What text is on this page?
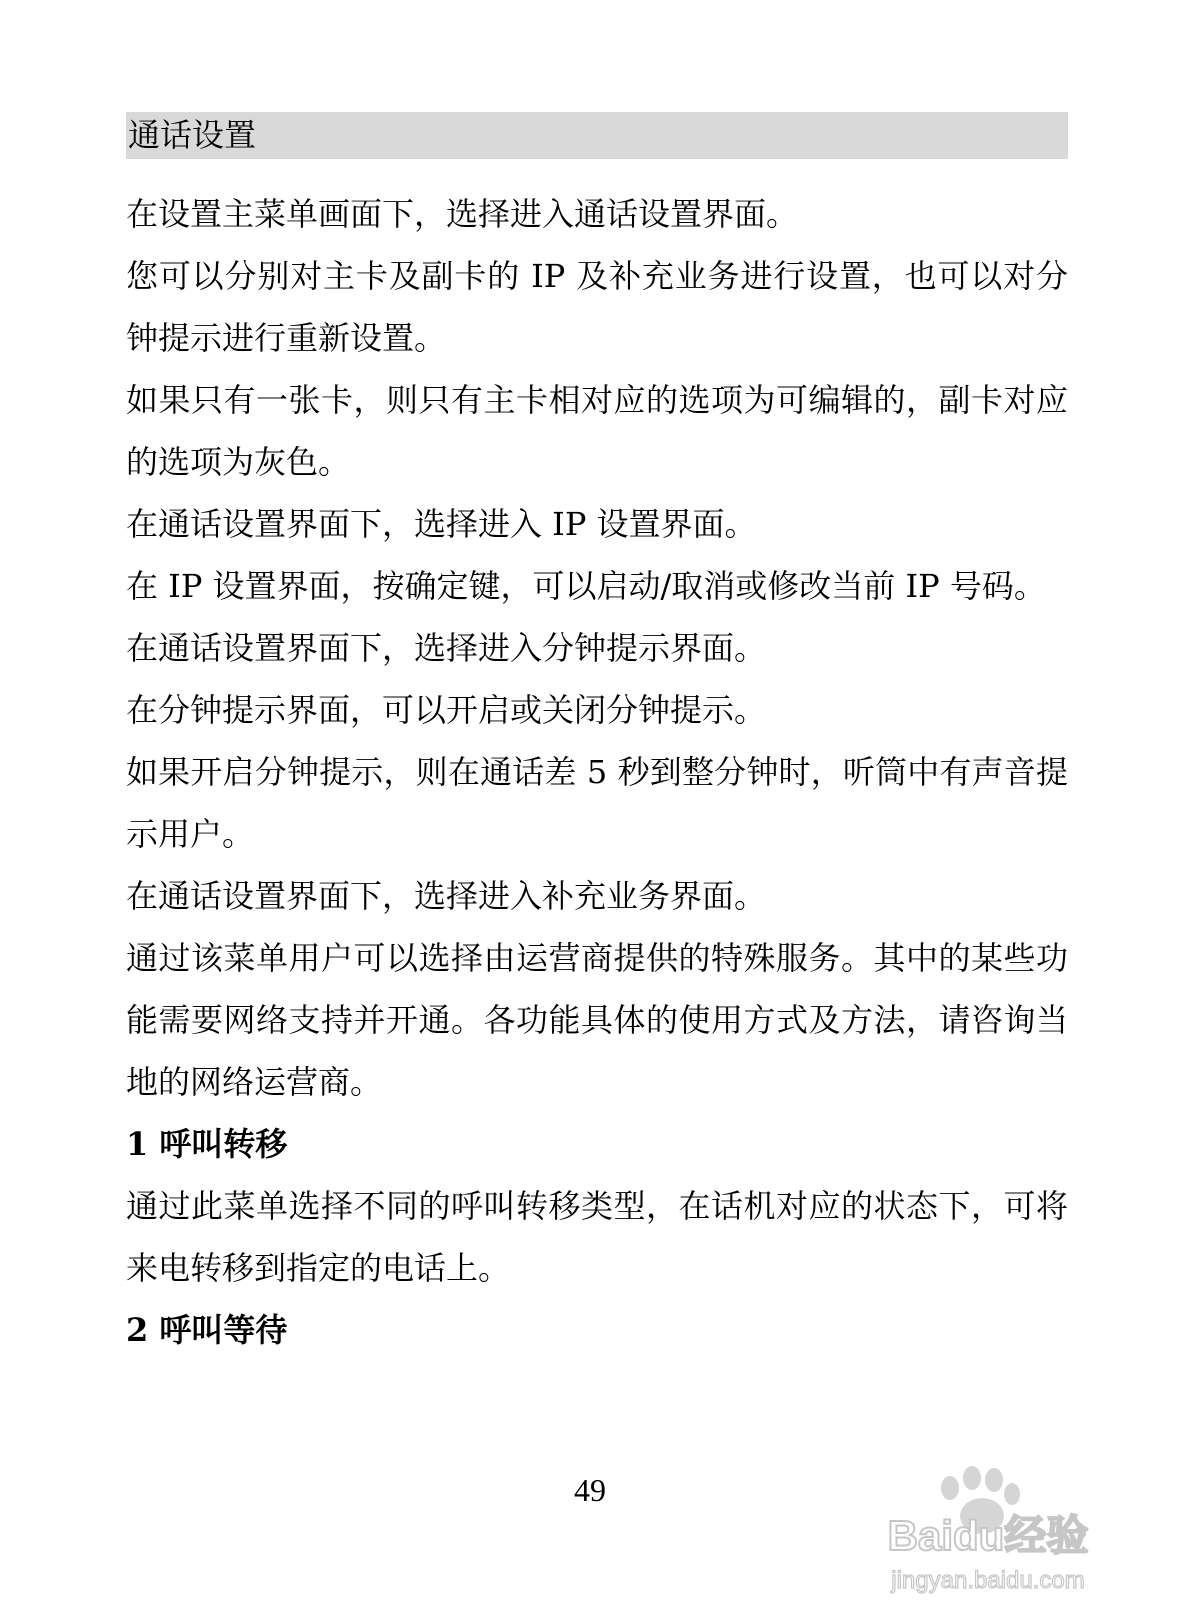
通话设置

在设置主菜单画面下，选择进入通话设置界面。

您可以分别对主卡及副卡的 IP 及补充业务进行设置，也可以对分钟提示进行重新设置。

如果只有一张卡，则只有主卡相对应的选项为可编辑的，副卡对应的选项为灰色。

在通话设置界面下，选择进入 IP 设置界面。

在 IP 设置界面，按确定键，可以启动/取消或修改当前 IP 号码。

在通话设置界面下，选择进入分钟提示界面。

在分钟提示界面，可以开启或关闭分钟提示。

如果开启分钟提示，则在通话差 5 秒到整分钟时，听筒中有声音提示用户。

在通话设置界面下，选择进入补充业务界面。

通过该菜单用户可以选择由运营商提供的特殊服务。其中的某些功能需要网络支持并开通。各功能具体的使用方式及方法，请咨询当地的网络运营商。

1 呼叫转移

通过此菜单选择不同的呼叫转移类型，在话机对应的状态下，可将来电转移到指定的电话上。

2 呼叫等待

49
Baidu经验
jingyan.baidu.com
